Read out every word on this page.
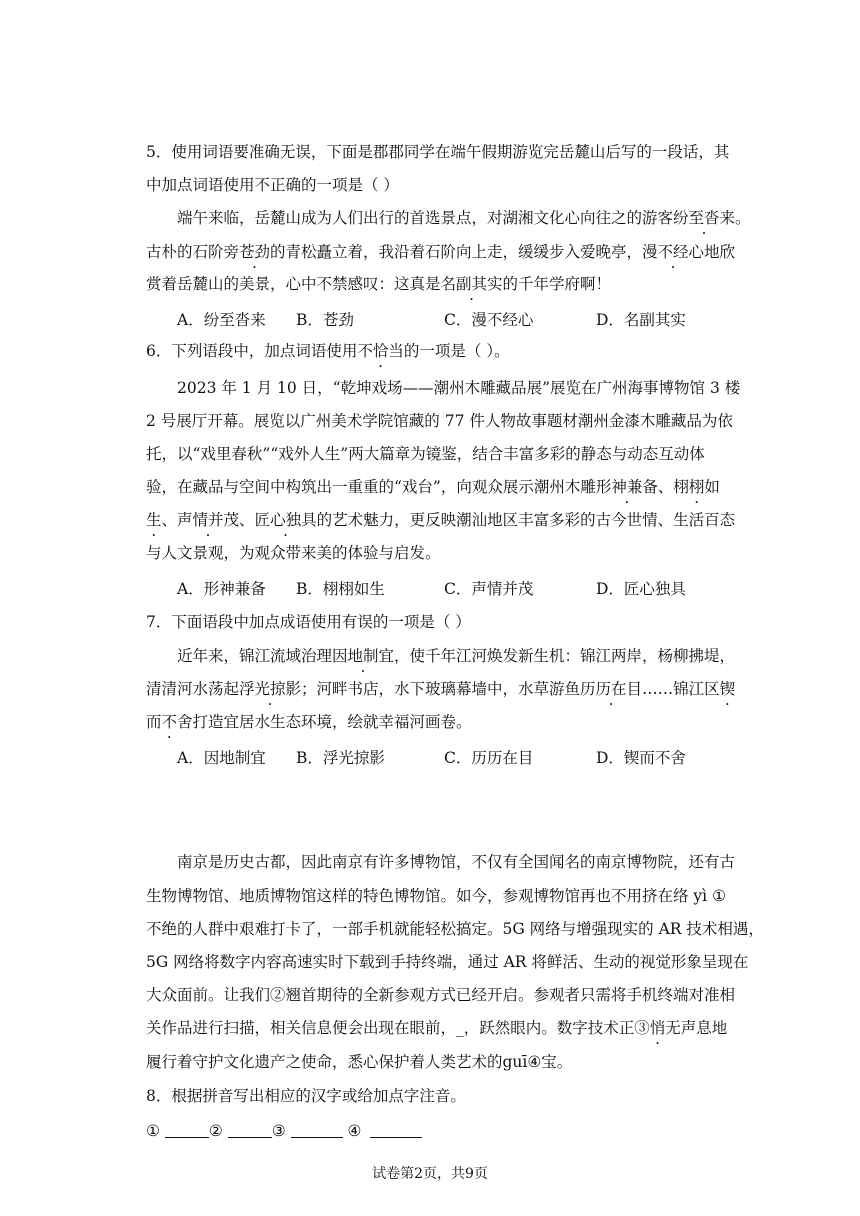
5．使用词语要准确无误，下面是郡郡同学在端午假期游览完岳麓山后写的一段话，其
中加点词语使用不正确的一项是（ ）
端午来临，岳麓山成为人们出行的首选景点，对湖湘文化心向往之的游客纷至沓来。
古朴的石阶旁苍劲的青松矗立着，我沿着石阶向上走，缓缓步入爱晚亭，漫不经心地欣
赏着岳麓山的美景，心中不禁感叹：这真是名副其实的千年学府啊！
A．纷至沓来 B．苍劲	C．漫不经心	D．名副其实
6．下列语段中，加点词语使用不恰当的一项是（ ）。
2023 年 1 月 10 日，“乾坤戏场——潮州木雕藏品展”展览在广州海事博物馆 3 楼
2 号展厅开幕。展览以广州美术学院馆藏的 77 件人物故事题材潮州金漆木雕藏品为依
托，以“戏里春秋”“戏外人生”两大篇章为镜鉴，结合丰富多彩的静态与动态互动体
验，在藏品与空间中构筑出一重重的“戏台”，向观众展示潮州木雕形神兼备、栩栩如
生、声情并茂、匠心独具的艺术魅力，更反映潮汕地区丰富多彩的古今世情、生活百态
与人文景观，为观众带来美的体验与启发。
A．形神兼备 B．栩栩如生	C．声情并茂	D．匠心独具
7．下面语段中加点成语使用有误的一项是（ ）
近年来，锦江流域治理因地制宜，使千年江河焕发新生机：锦江两岸，杨柳拂堤，
清清河水荡起浮光掠影；河畔书店，水下玻璃幕墙中，水草游鱼历历在目……锦江区锲
而不舍打造宜居水生态环境，绘就幸福河画卷。
A．因地制宜 B．浮光掠影	C．历历在目	D．锲而不舍
南京是历史古都，因此南京有许多博物馆，不仅有全国闻名的南京博物院，还有古
生物博物馆、地质博物馆这样的特色博物馆。如今，参观博物馆再也不用挤在络 yì ①
不绝的人群中艰难打卡了，一部手机就能轻松搞定。5G 网络与增强现实的 AR 技术相遇，
5G 网络将数字内容高速实时下载到手持终端，通过 AR 将鲜活、生动的视觉形象呈现在
大众面前。让我们②翘首期待的全新参观方式已经开启。参观者只需将手机终端对准相
关作品进行扫描，相关信息便会出现在眼前，_，跃然眼内。数字技术正③悄无声息地
履行着守护文化遗产之使命，悉心保护着人类艺术的guī④宝。
8．根据拼音写出相应的汉字或给加点字注音。
①	②	③	④
试卷第2页，共9页
